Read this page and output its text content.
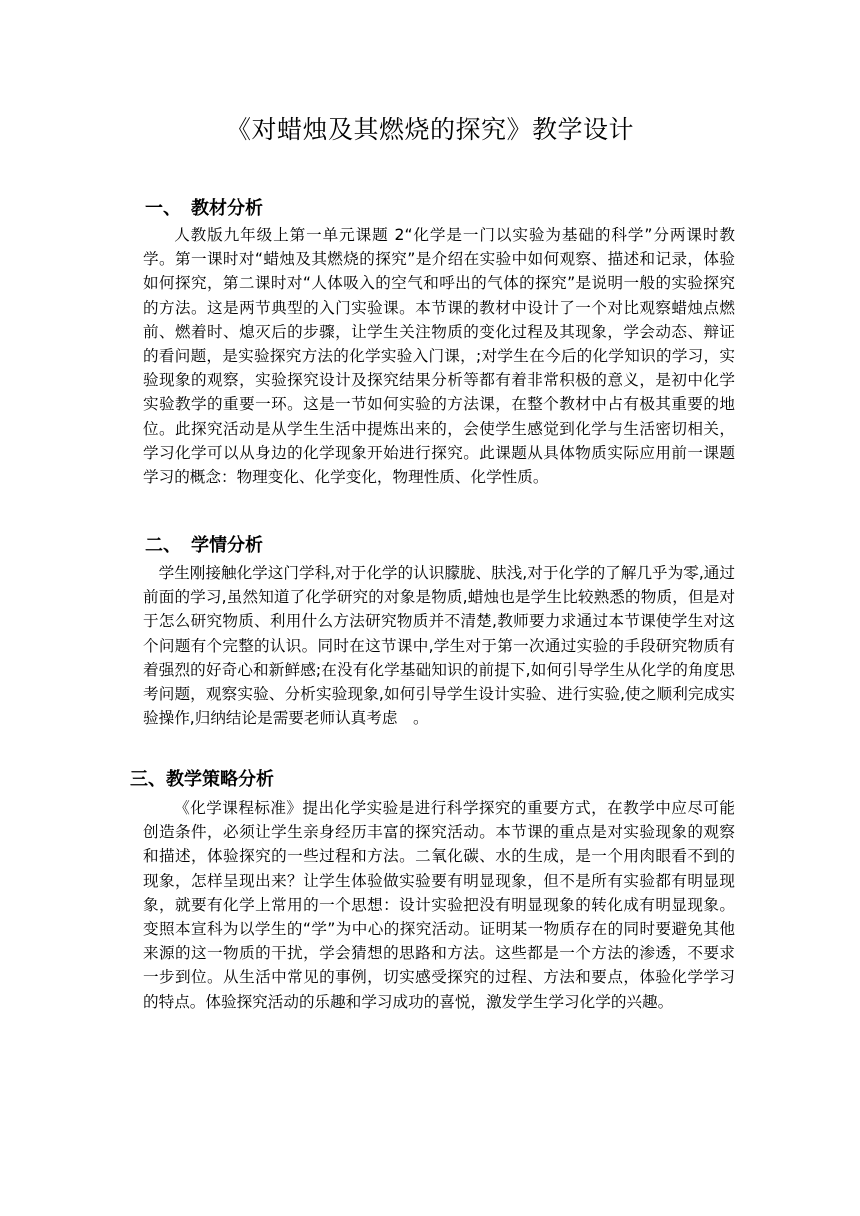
《对蜡烛及其燃烧的探究》教学设计
一、 教材分析
人教版九年级上第一单元课题 2“化学是一门以实验为基础的科学”分两课时教学。第一课时对“蜡烛及其燃烧的探究”是介绍在实验中如何观察、描述和记录，体验如何探究，第二课时对“人体吸入的空气和呼出的气体的探究”是说明一般的实验探究的方法。这是两节典型的入门实验课。本节课的教材中设计了一个对比观察蜡烛点燃前、燃着时、熄灭后的步骤，让学生关注物质的变化过程及其现象，学会动态、辩证的看问题，是实验探究方法的化学实验入门课，;对学生在今后的化学知识的学习，实验现象的观察，实验探究设计及探究结果分析等都有着非常积极的意义，是初中化学实验教学的重要一环。这是一节如何实验的方法课，在整个教材中占有极其重要的地位。此探究活动是从学生生活中提炼出来的，会使学生感觉到化学与生活密切相关，学习化学可以从身边的化学现象开始进行探究。此课题从具体物质实际应用前一课题学习的概念：物理变化、化学变化，物理性质、化学性质。
二、 学情分析
学生刚接触化学这门学科,对于化学的认识朦胧、肤浅,对于化学的了解几乎为零,通过前面的学习,虽然知道了化学研究的对象是物质,蜡烛也是学生比较熟悉的物质，但是对于怎么研究物质、利用什么方法研究物质并不清楚,教师要力求通过本节课使学生对这个问题有个完整的认识。同时在这节课中,学生对于第一次通过实验的手段研究物质有着强烈的好奇心和新鲜感;在没有化学基础知识的前提下,如何引导学生从化学的角度思考问题，观察实验、分析实验现象,如何引导学生设计实验、进行实验,使之顺利完成实验操作,归纳结论是需要老师认真考虑　。
三、教学策略分析
《化学课程标准》提出化学实验是进行科学探究的重要方式，在教学中应尽可能创造条件，必须让学生亲身经历丰富的探究活动。本节课的重点是对实验现象的观察和描述，体验探究的一些过程和方法。二氧化碳、水的生成，是一个用肉眼看不到的现象，怎样呈现出来？让学生体验做实验要有明显现象，但不是所有实验都有明显现象，就要有化学上常用的一个思想：设计实验把没有明显现象的转化成有明显现象。变照本宣科为以学生的“学”为中心的探究活动。证明某一物质存在的同时要避免其他来源的这一物质的干扰，学会猜想的思路和方法。这些都是一个方法的渗透，不要求一步到位。从生活中常见的事例，切实感受探究的过程、方法和要点，体验化学学习的特点。体验探究活动的乐趣和学习成功的喜悦，激发学生学习化学的兴趣。
